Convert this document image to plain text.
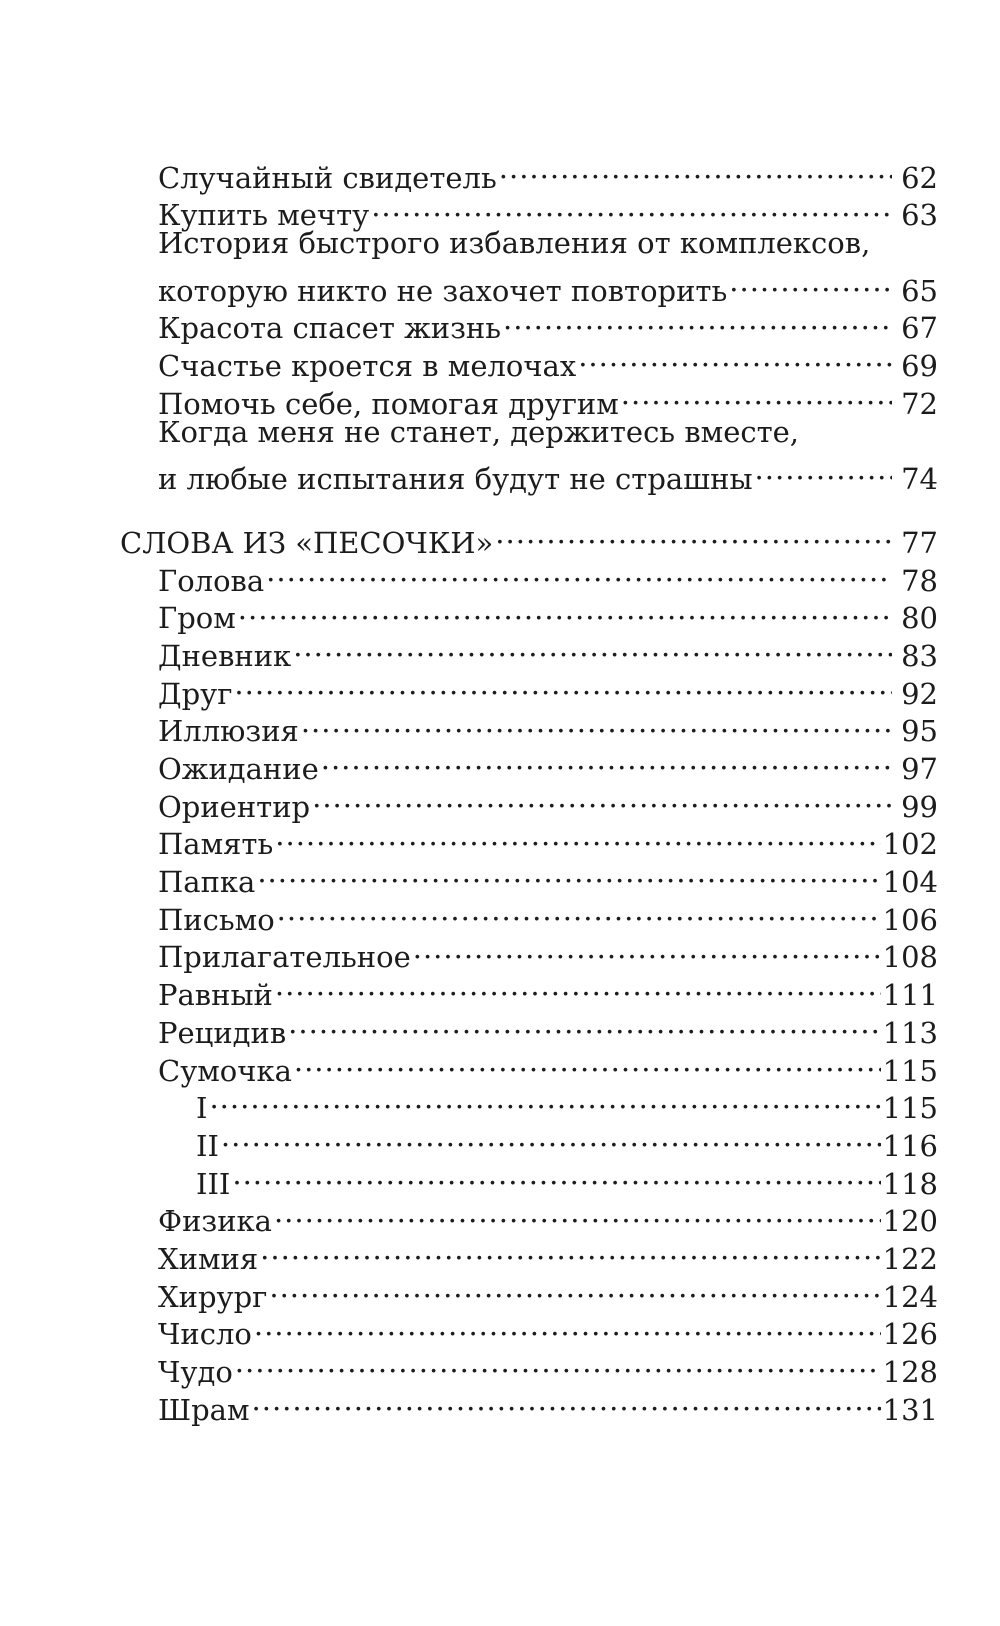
Случайный свидетель .....	62
Купить мечту .....	63
История быстрого избавления от комплексов,
которую никто не захочет повторить .....	65
Красота спасет жизнь .....	67
Счастье кроется в мелочах .....	69
Помочь себе, помогая другим .....	72
Когда меня не станет, держитесь вместе,
и любые испытания будут не страшны .....	74
СЛОВА ИЗ «ПЕСОЧКИ» .....	77
Голова .....	78
Гром .....	80
Дневник .....	83
Друг .....	92
Иллюзия .....	95
Ожидание .....	97
Ориентир .....	99
Память .....	102
Папка .....	104
Письмо .....	106
Прилагательное .....	108
Равный .....	111
Рецидив .....	113
Сумочка .....	115
I .....	115
II .....	116
III .....	118
Физика .....	120
Химия .....	122
Хирург .....	124
Число .....	126
Чудо .....	128
Шрам .....	131
